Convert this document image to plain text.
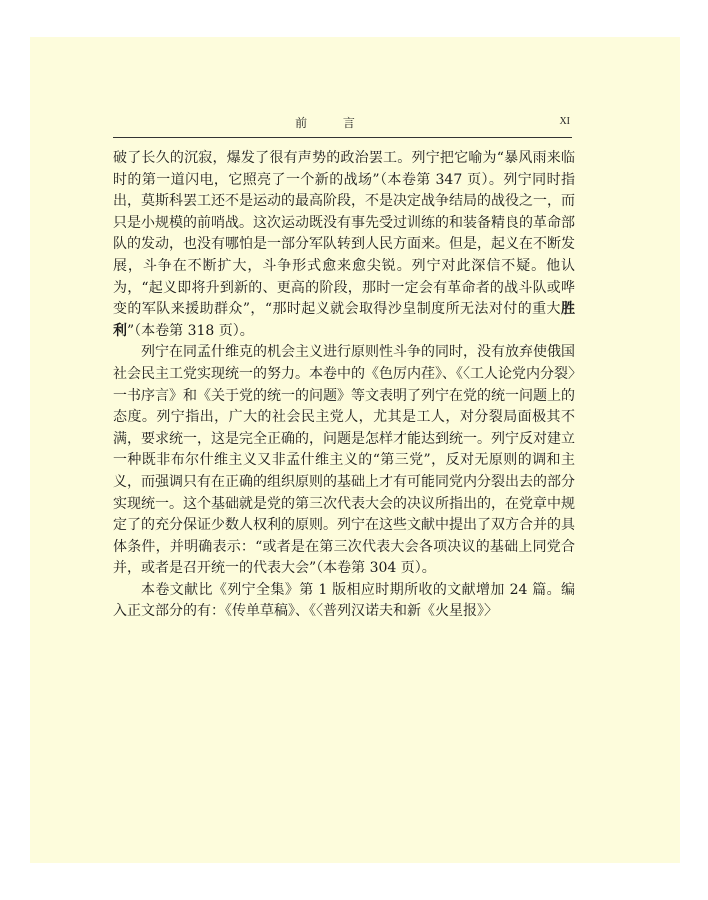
前 言	XI

破了长久的沉寂，爆发了很有声势的政治罢工。列宁把它喻为“暴风雨来临时的第一道闪电，它照亮了一个新的战场”（本卷第 347 页）。列宁同时指出，莫斯科罢工还不是运动的最高阶段，不是决定战争结局的战役之一，而只是小规模的前哨战。这次运动既没有事先受过训练的和装备精良的革命部队的发动，也没有哪怕是一部分军队转到人民方面来。但是，起义在不断发展，斗争在不断扩大，斗争形式愈来愈尖锐。列宁对此深信不疑。他认为，“起义即将升到新的、更高的阶段，那时一定会有革命者的战斗队或哗变的军队来援助群众”，“那时起义就会取得沙皇制度所无法对付的重大胜利”（本卷第 318 页）。

列宁在同孟什维克的机会主义进行原则性斗争的同时，没有放弃使俄国社会民主工党实现统一的努力。本卷中的《色厉内荏》、《〈工人论党内分裂〉一书序言》和《关于党的统一的问题》等文表明了列宁在党的统一问题上的态度。列宁指出，广大的社会民主党人，尤其是工人，对分裂局面极其不满，要求统一，这是完全正确的，问题是怎样才能达到统一。列宁反对建立一种既非布尔什维主义又非孟什维主义的“第三党”，反对无原则的调和主义，而强调只有在正确的组织原则的基础上才有可能同党内分裂出去的部分实现统一。这个基础就是党的第三次代表大会的决议所指出的，在党章中规定了的充分保证少数人权利的原则。列宁在这些文献中提出了双方合并的具体条件，并明确表示：“或者是在第三次代表大会各项决议的基础上同党合并，或者是召开统一的代表大会”（本卷第 304 页）。

本卷文献比《列宁全集》第 1 版相应时期所收的文献增加 24 篇。编入正文部分的有：《传单草稿》、《〈普列汉诺夫和新《火星报》〉
